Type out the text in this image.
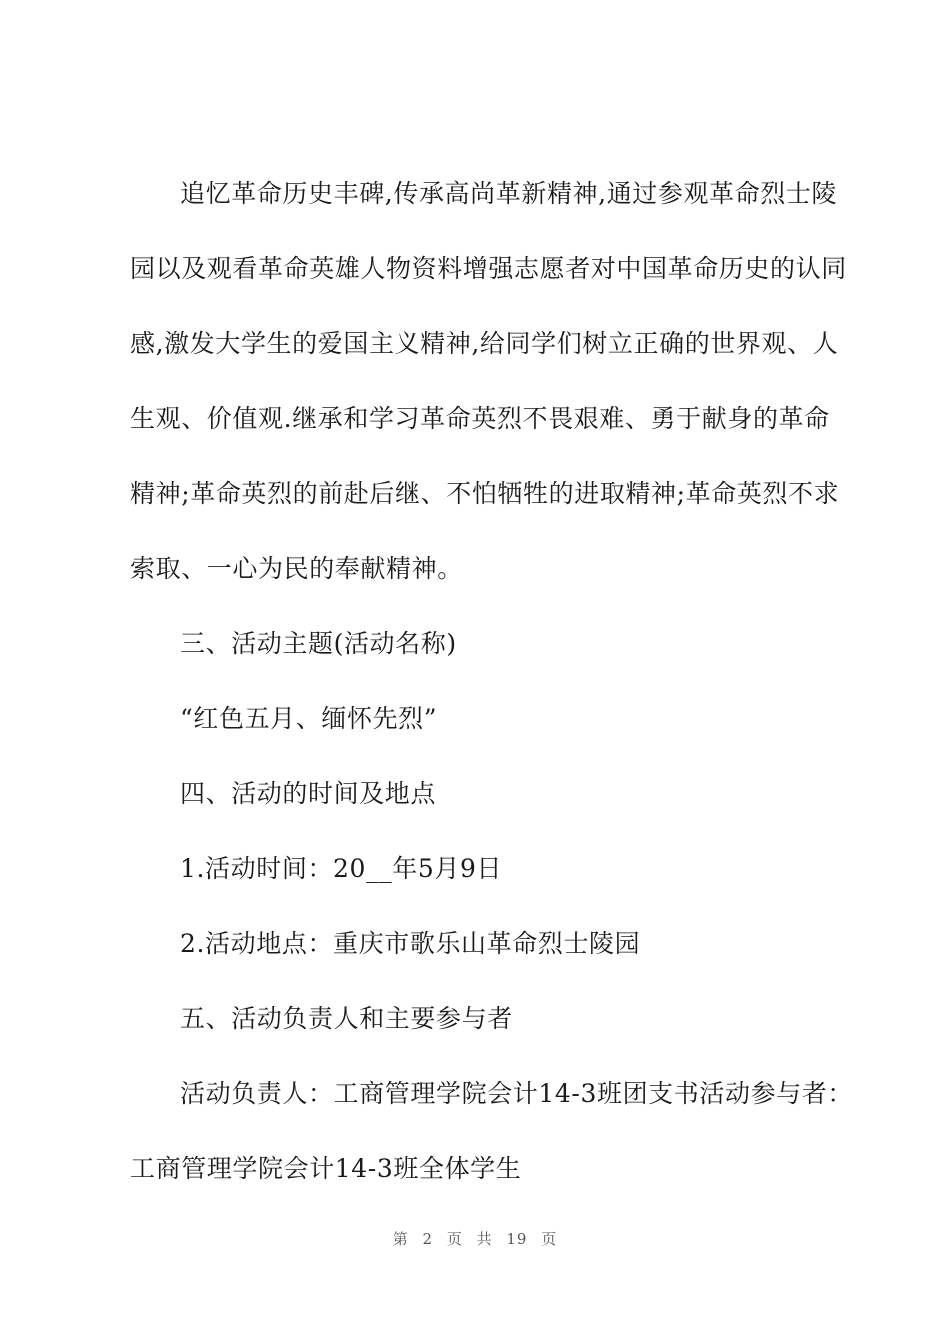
追忆革命历史丰碑,传承高尚革新精神,通过参观革命烈士陵
园以及观看革命英雄人物资料增强志愿者对中国革命历史的认同
感,激发大学生的爱国主义精神,给同学们树立正确的世界观、人
生观、价值观.继承和学习革命英烈不畏艰难、勇于献身的革命
精神;革命英烈的前赴后继、不怕牺牲的进取精神;革命英烈不求
索取、一心为民的奉献精神。
三、活动主题(活动名称)
“红色五月、缅怀先烈”
四、活动的时间及地点
1.活动时间：20__年5月9日
2.活动地点：重庆市歌乐山革命烈士陵园
五、活动负责人和主要参与者
活动负责人：工商管理学院会计14-3班团支书活动参与者：
工商管理学院会计14-3班全体学生
第 2 页 共 19 页
